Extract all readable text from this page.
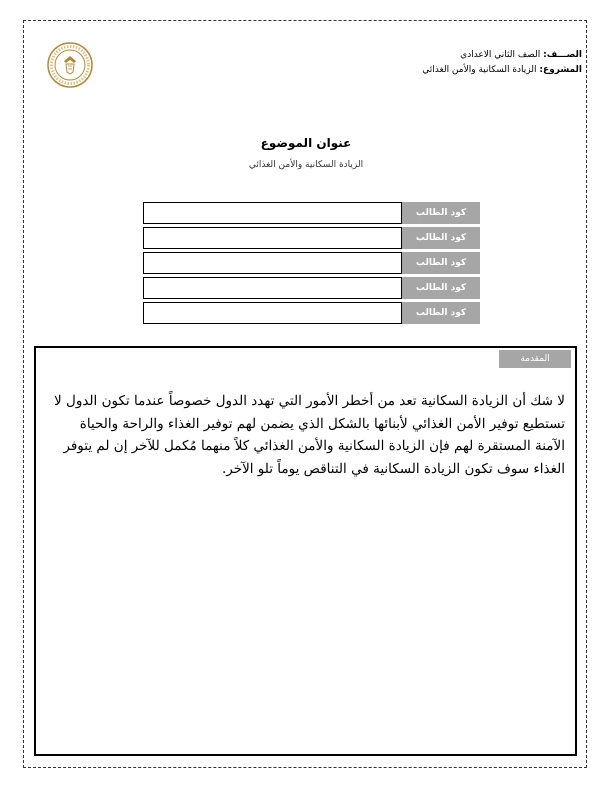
الصـــف: الصف الثاني الاعدادي
المشروع: الزيادة السكانية والأمن الغذائي
عنوان الموضوع
الزيادة السكانية والأمن الغذائي
كود الطالب
كود الطالب
كود الطالب
كود الطالب
كود الطالب
المقدمة
لا شك أن الزيادة السكانية تعد من أخطر الأمور التي تهدد الدول خصوصاً عندما تكون الدول لا تستطيع توفير الأمن الغذائي لأبنائها بالشكل الذي يضمن لهم توفير الغذاء والراحة والحياة الآمنة المستقرة لهم فإن الزيادة السكانية والأمن الغذائي كلاً منهما مُكمل للآخر إن لم يتوفر الغذاء سوف تكون الزيادة السكانية في التناقص يوماً تلو الآخر.
